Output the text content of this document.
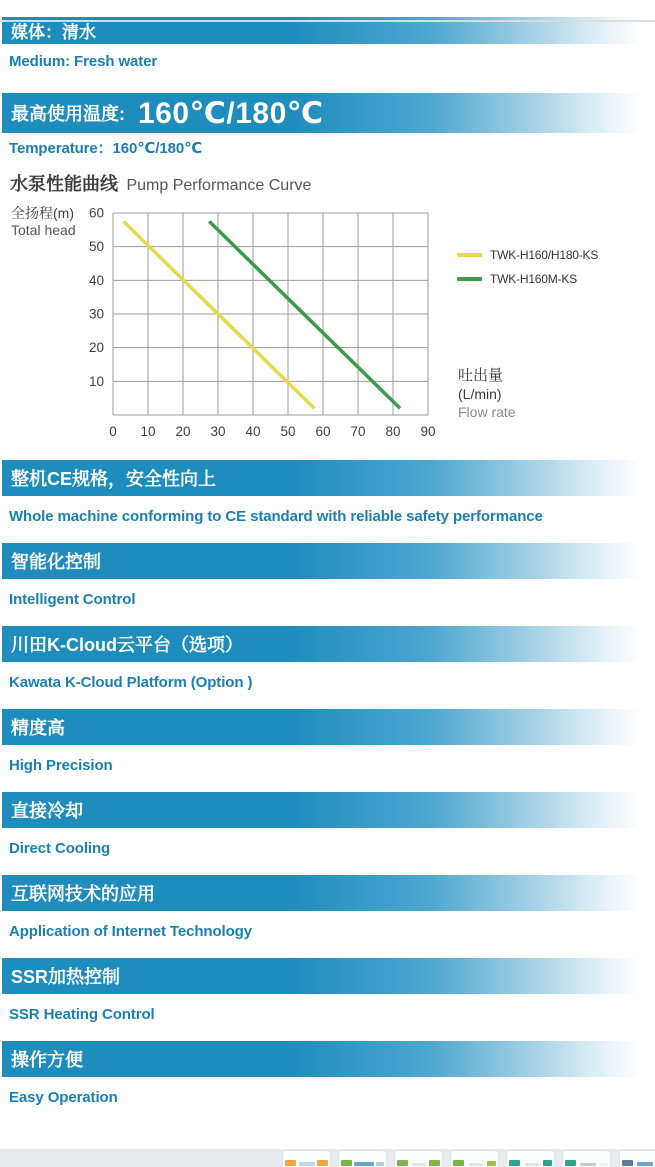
媒体：清水
Medium: Fresh water
最高使用温度: 160℃/180℃
Temperature：160℃/180℃
水泵性能曲线 Pump Performance Curve
0 10 20 30 40 50 60 70 80 90
10
20
30
40
50
60
全扬程(m)
Total head
TWK-H160/H180-KS
TWK-H160M-KS
吐出量
(L/min)
Flow rate
整机CE规格，安全性向上
Whole machine conforming to CE standard with reliable safety performance
智能化控制
Intelligent Control
川田K-Cloud云平台（选项）
Kawata K-Cloud Platform (Option )
精度高
High Precision
直接冷却
Direct Cooling
互联网技术的应用
Application of Internet Technology
SSR加热控制
SSR Heating Control
操作方便
Easy Operation
